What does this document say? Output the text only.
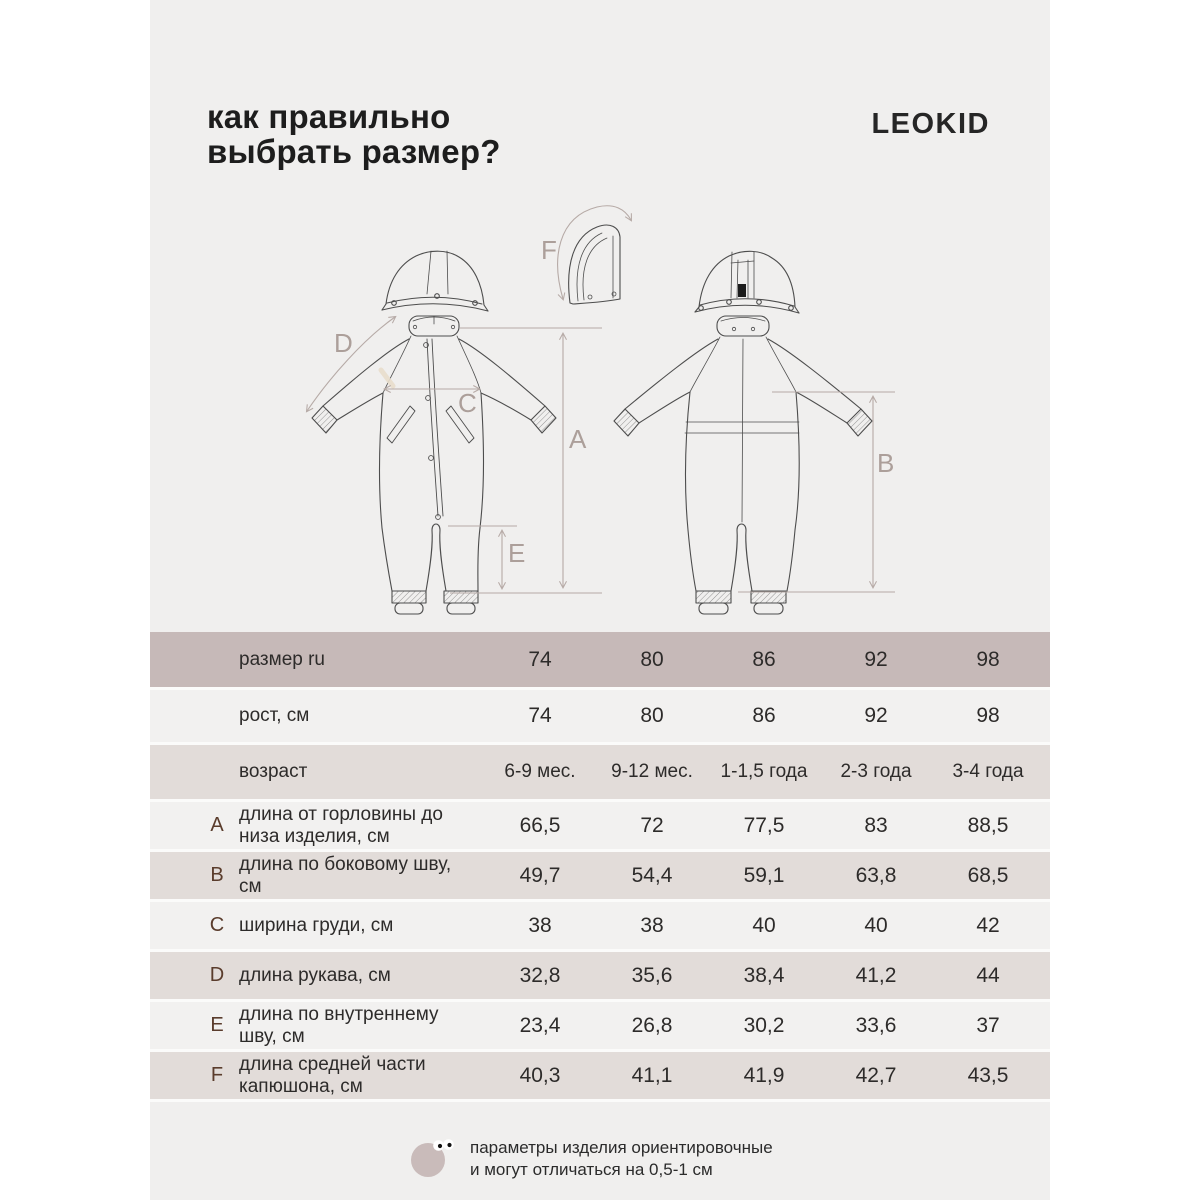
как правильно
выбрать размер?
LEOKID
A
B
C
D
E
F
размер ru	74	80	86	92	98
рост, см	74	80	86	92	98
возраст	6-9 мес.	9-12 мес.	1-1,5 года	2-3 года	3-4 года
A длина от горловины до низа изделия, см	66,5	72	77,5	83	88,5
B длина по боковому шву, см	49,7	54,4	59,1	63,8	68,5
C ширина груди, см	38	38	40	40	42
D длина рукава, см	32,8	35,6	38,4	41,2	44
E длина по внутреннему шву, см	23,4	26,8	30,2	33,6	37
F длина средней части капюшона, см	40,3	41,1	41,9	42,7	43,5
параметры изделия ориентировочные
и могут отличаться на 0,5-1 см
